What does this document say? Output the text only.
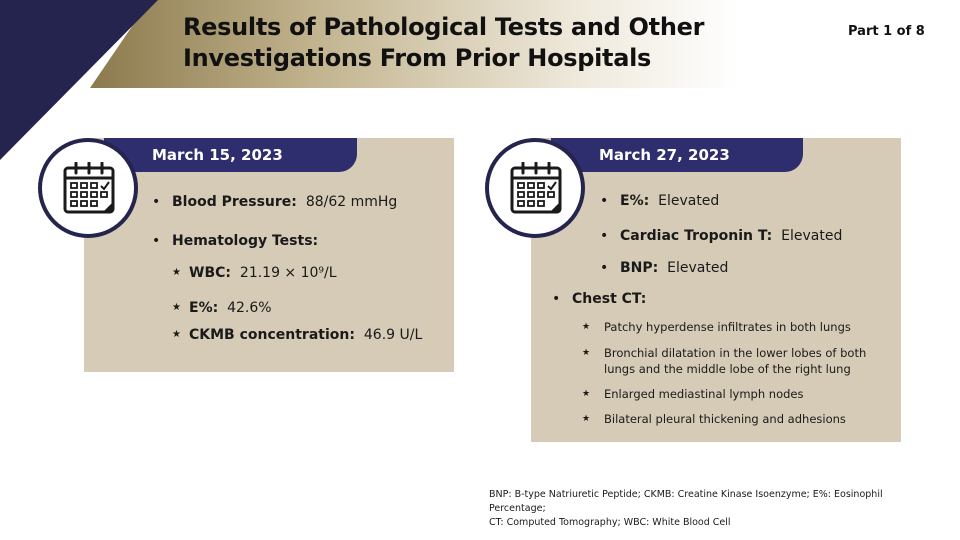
Results of Pathological Tests and Other
Investigations From Prior Hospitals
Part 1 of 8
March 15, 2023
• Blood Pressure: 88/62 mmHg
• Hematology Tests:
★ WBC: 21.19 × 10⁹/L
★ E%: 42.6%
★ CKMB concentration: 46.9 U/L
March 27, 2023
• E%: Elevated
• Cardiac Troponin T: Elevated
• BNP: Elevated
• Chest CT:
★	Patchy hyperdense infiltrates in both lungs
★	Bronchial dilatation in the lower lobes of both lungs and the middle lobe of the right lung
★	Enlarged mediastinal lymph nodes
★	Bilateral pleural thickening and adhesions
BNP: B-type Natriuretic Peptide; CKMB: Creatine Kinase Isoenzyme; E%: Eosinophil Percentage;
CT: Computed Tomography; WBC: White Blood Cell
